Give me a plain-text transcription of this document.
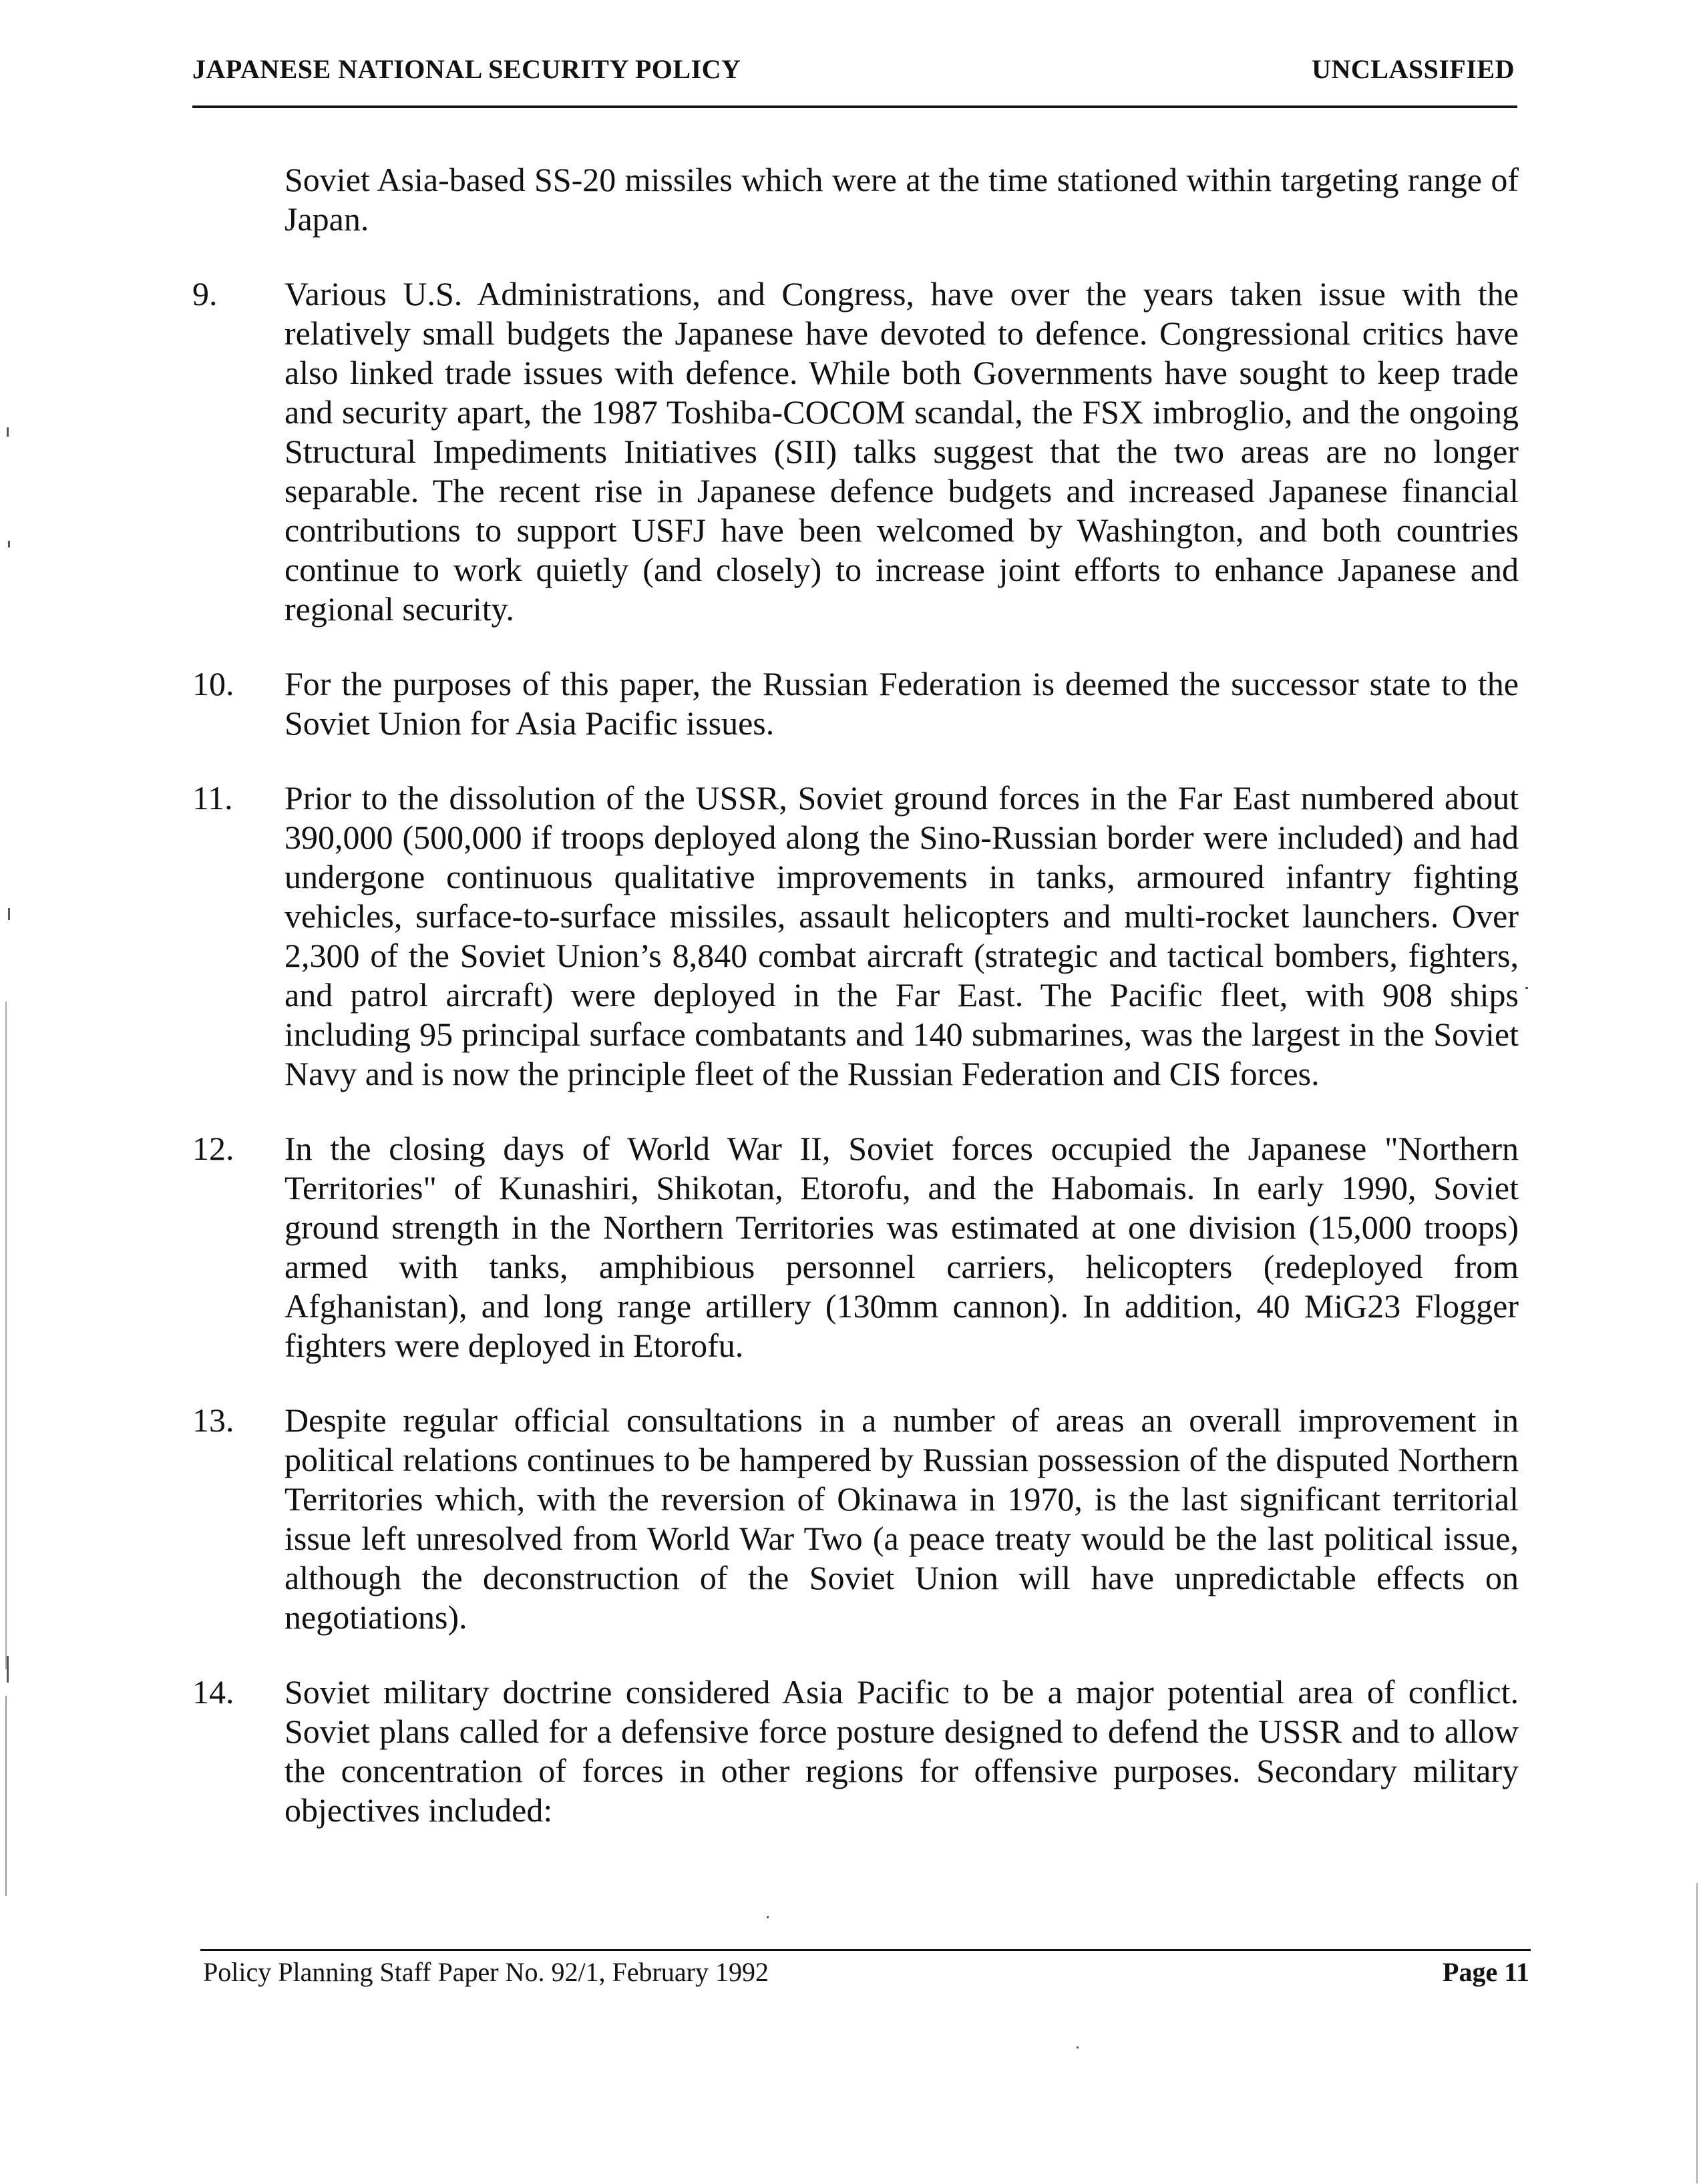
JAPANESE NATIONAL SECURITY POLICY	UNCLASSIFIED
Soviet Asia-based SS-20 missiles which were at the time stationed within targeting range of Japan.
9.	Various U.S. Administrations, and Congress, have over the years taken issue with the relatively small budgets the Japanese have devoted to defence. Congressional critics have also linked trade issues with defence. While both Governments have sought to keep trade and security apart, the 1987 Toshiba-COCOM scandal, the FSX imbroglio, and the ongoing Structural Impediments Initiatives (SII) talks suggest that the two areas are no longer separable. The recent rise in Japanese defence budgets and increased Japanese financial contributions to support USFJ have been welcomed by Washington, and both countries continue to work quietly (and closely) to increase joint efforts to enhance Japanese and regional security.
10.	For the purposes of this paper, the Russian Federation is deemed the successor state to the Soviet Union for Asia Pacific issues.
11.	Prior to the dissolution of the USSR, Soviet ground forces in the Far East numbered about 390,000 (500,000 if troops deployed along the Sino-Russian border were included) and had undergone continuous qualitative improvements in tanks, armoured infantry fighting vehicles, surface-to-surface missiles, assault helicopters and multi-rocket launchers. Over 2,300 of the Soviet Union’s 8,840 combat aircraft (strategic and tactical bombers, fighters, and patrol aircraft) were deployed in the Far East. The Pacific fleet, with 908 ships including 95 principal surface combatants and 140 submarines, was the largest in the Soviet Navy and is now the principle fleet of the Russian Federation and CIS forces.
12.	In the closing days of World War II, Soviet forces occupied the Japanese "Northern Territories" of Kunashiri, Shikotan, Etorofu, and the Habomais. In early 1990, Soviet ground strength in the Northern Territories was estimated at one division (15,000 troops) armed with tanks, amphibious personnel carriers, helicopters (redeployed from Afghanistan), and long range artillery (130mm cannon). In addition, 40 MiG23 Flogger fighters were deployed in Etorofu.
13.	Despite regular official consultations in a number of areas an overall improvement in political relations continues to be hampered by Russian possession of the disputed Northern Territories which, with the reversion of Okinawa in 1970, is the last significant territorial issue left unresolved from World War Two (a peace treaty would be the last political issue, although the deconstruction of the Soviet Union will have unpredictable effects on negotiations).
14.	Soviet military doctrine considered Asia Pacific to be a major potential area of conflict. Soviet plans called for a defensive force posture designed to defend the USSR and to allow the concentration of forces in other regions for offensive purposes. Secondary military objectives included:
Policy Planning Staff Paper No. 92/1, February 1992	Page 11
